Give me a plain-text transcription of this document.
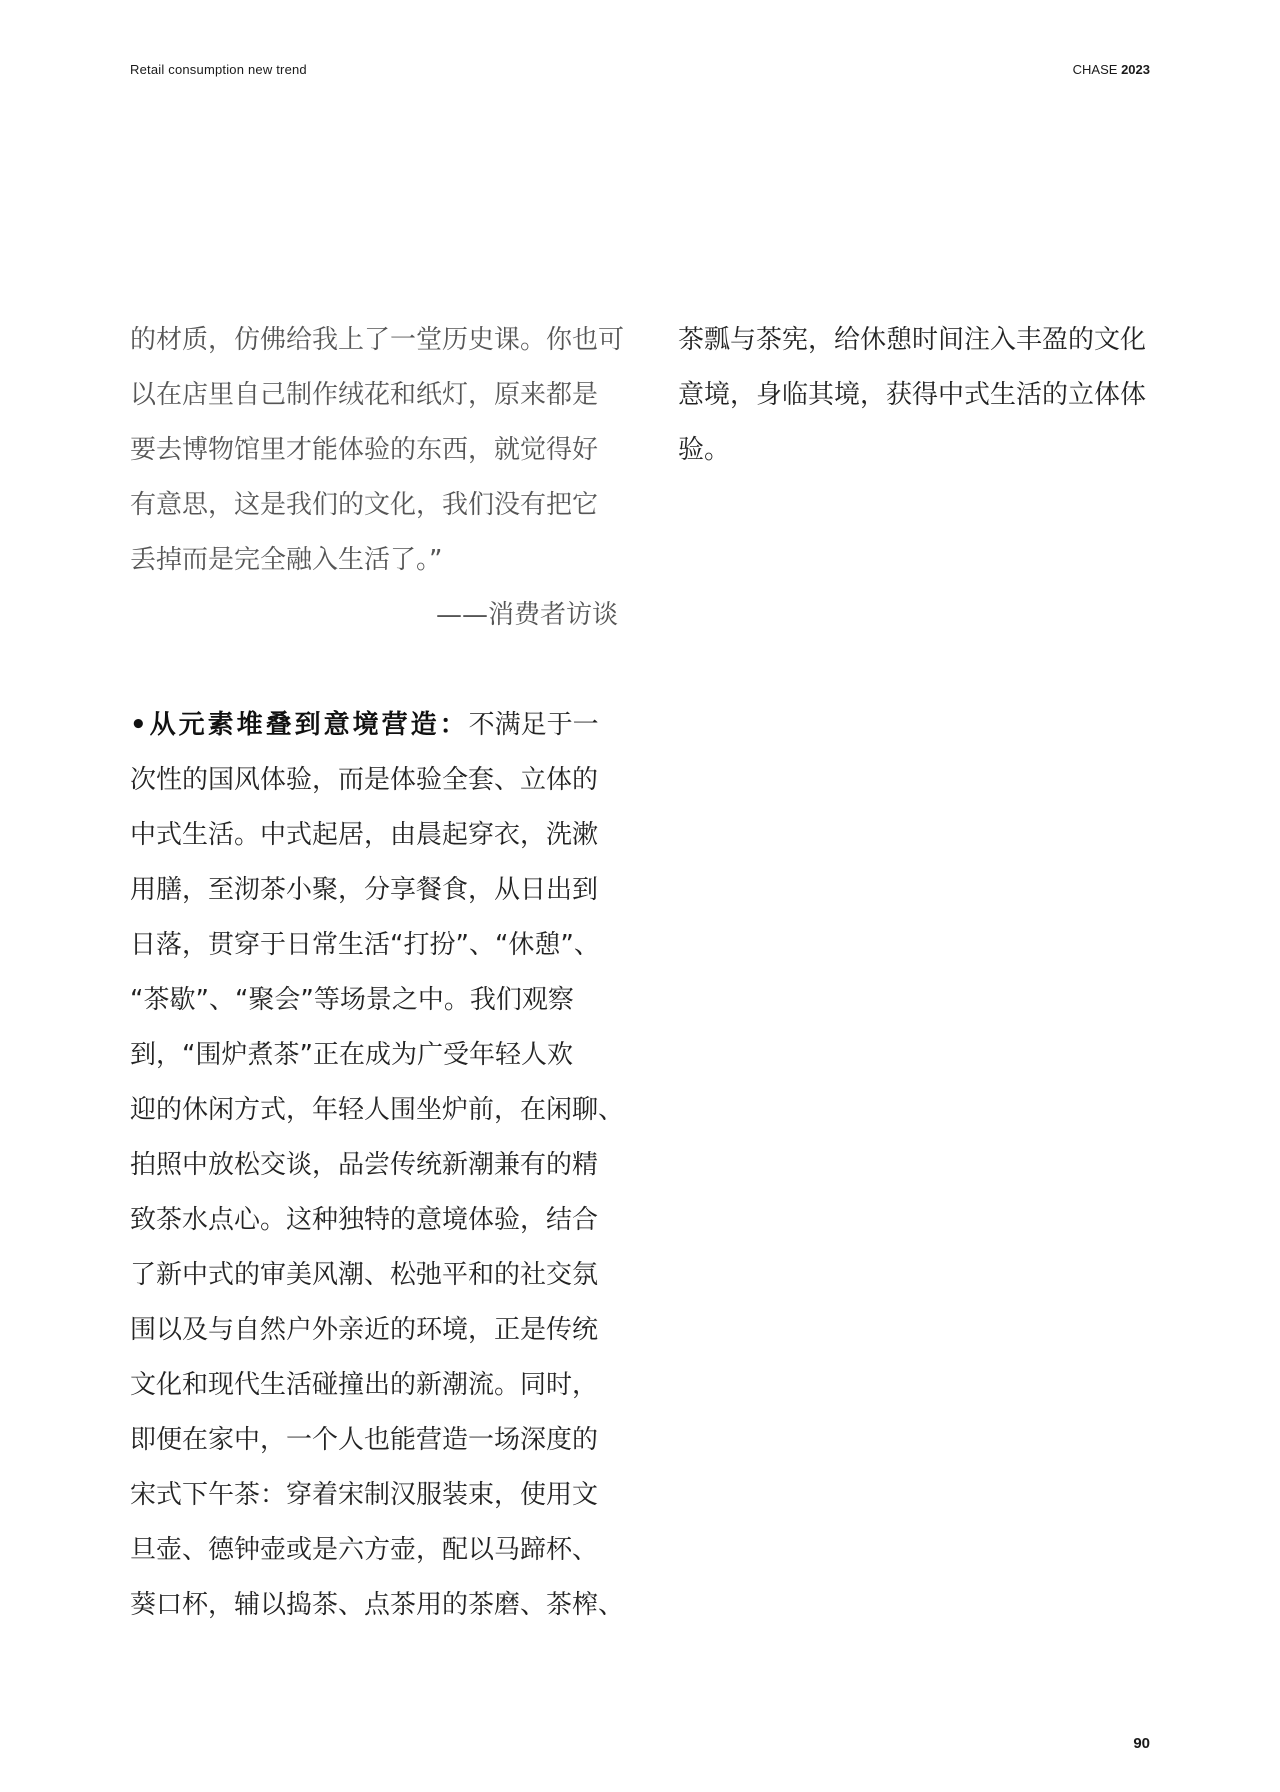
Retail consumption new trend	CHASE 2023
的材质，仿佛给我上了一堂历史课。你也可
以在店里自己制作绒花和纸灯，原来都是
要去博物馆里才能体验的东西，就觉得好
有意思，这是我们的文化，我们没有把它
丢掉而是完全融入生活了。”
——消费者访谈
•从元素堆叠到意境营造：不满足于一
次性的国风体验，而是体验全套、立体的
中式生活。中式起居，由晨起穿衣，洗漱
用膳，至沏茶小聚，分享餐食，从日出到
日落，贯穿于日常生活“打扮”、“休憩”、
“茶歇”、“聚会”等场景之中。我们观察
到，“围炉煮茶”正在成为广受年轻人欢
迎的休闲方式，年轻人围坐炉前，在闲聊、
拍照中放松交谈，品尝传统新潮兼有的精
致茶水点心。这种独特的意境体验，结合
了新中式的审美风潮、松弛平和的社交氛
围以及与自然户外亲近的环境，正是传统
文化和现代生活碰撞出的新潮流。同时，
即便在家中，一个人也能营造一场深度的
宋式下午茶：穿着宋制汉服装束，使用文
旦壶、德钟壶或是六方壶，配以马蹄杯、
葵口杯，辅以捣茶、点茶用的茶磨、茶榨、
茶瓢与茶宪，给休憩时间注入丰盈的文化
意境，身临其境，获得中式生活的立体体
验。
90
